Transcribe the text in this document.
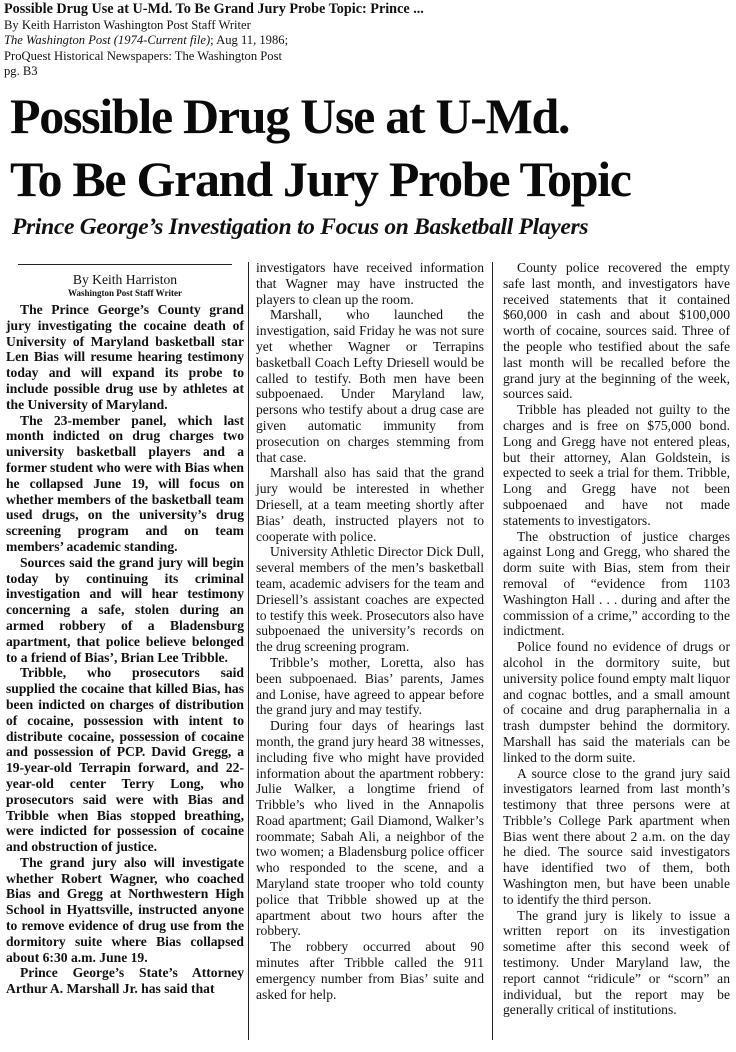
Possible Drug Use at U-Md. To Be Grand Jury Probe Topic: Prince ...
By Keith Harriston Washington Post Staff Writer
The Washington Post (1974-Current file); Aug 11, 1986;
ProQuest Historical Newspapers: The Washington Post
pg. B3
Possible Drug Use at U-Md.
To Be Grand Jury Probe Topic
Prince George’s Investigation to Focus on Basketball Players

By Keith Harriston

Washington Post Staff Writer

The Prince George’s County grand jury investigating the cocaine death of University of Maryland basketball star Len Bias will resume hearing testimony today and will expand its probe to include possible drug use by athletes at the University of Maryland.

The 23-member panel, which last month indicted on drug charges two university basketball players and a former student who were with Bias when he collapsed June 19, will focus on whether members of the basketball team used drugs, on the university’s drug screening program and on team members’ academic standing.

Sources said the grand jury will begin today by continuing its criminal investigation and will hear testimony concerning a safe, stolen during an armed robbery of a Bladensburg apartment, that police believe belonged to a friend of Bias’, Brian Lee Tribble.

Tribble, who prosecutors said supplied the cocaine that killed Bias, has been indicted on charges of distribution of cocaine, possession with intent to distribute cocaine, possession of cocaine and possession of PCP. David Gregg, a 19-year-old Terrapin forward, and 22-year-old center Terry Long, who prosecutors said were with Bias and Tribble when Bias stopped breathing, were indicted for possession of cocaine and obstruction of justice.

The grand jury also will investigate whether Robert Wagner, who coached Bias and Gregg at Northwestern High School in Hyattsville, instructed anyone to remove evidence of drug use from the dormitory suite where Bias collapsed about 6:30 a.m. June 19.

Prince George’s State’s Attorney Arthur A. Marshall Jr. has said that

investigators have received information that Wagner may have instructed the players to clean up the room.

Marshall, who launched the investigation, said Friday he was not sure yet whether Wagner or Terrapins basketball Coach Lefty Driesell would be called to testify. Both men have been subpoenaed. Under Maryland law, persons who testify about a drug case are given automatic immunity from prosecution on charges stemming from that case.

Marshall also has said that the grand jury would be interested in whether Driesell, at a team meeting shortly after Bias’ death, instructed players not to cooperate with police.

University Athletic Director Dick Dull, several members of the men’s basketball team, academic advisers for the team and Driesell’s assistant coaches are expected to testify this week. Prosecutors also have subpoenaed the university’s records on the drug screening program.

Tribble’s mother, Loretta, also has been subpoenaed. Bias’ parents, James and Lonise, have agreed to appear before the grand jury and may testify.

During four days of hearings last month, the grand jury heard 38 witnesses, including five who might have provided information about the apartment robbery: Julie Walker, a longtime friend of Tribble’s who lived in the Annapolis Road apartment; Gail Diamond, Walker’s roommate; Sabah Ali, a neighbor of the two women; a Bladensburg police officer who responded to the scene, and a Maryland state trooper who told county police that Tribble showed up at the apartment about two hours after the robbery.

The robbery occurred about 90 minutes after Tribble called the 911 emergency number from Bias’ suite and asked for help.

County police recovered the empty safe last month, and investigators have received statements that it contained $60,000 in cash and about $100,000 worth of cocaine, sources said. Three of the people who testified about the safe last month will be recalled before the grand jury at the beginning of the week, sources said.

Tribble has pleaded not guilty to the charges and is free on $75,000 bond. Long and Gregg have not entered pleas, but their attorney, Alan Goldstein, is expected to seek a trial for them. Tribble, Long and Gregg have not been subpoenaed and have not made statements to investigators.

The obstruction of justice charges against Long and Gregg, who shared the dorm suite with Bias, stem from their removal of “evidence from 1103 Washington Hall . . . during and after the commission of a crime,” according to the indictment.

Police found no evidence of drugs or alcohol in the dormitory suite, but university police found empty malt liquor and cognac bottles, and a small amount of cocaine and drug paraphernalia in a trash dumpster behind the dormitory. Marshall has said the materials can be linked to the dorm suite.

A source close to the grand jury said investigators learned from last month’s testimony that three persons were at Tribble’s College Park apartment when Bias went there about 2 a.m. on the day he died. The source said investigators have identified two of them, both Washington men, but have been unable to identify the third person.

The grand jury is likely to issue a written report on its investigation sometime after this second week of testimony. Under Maryland law, the report cannot “ridicule” or “scorn” an individual, but the report may be generally critical of institutions.
